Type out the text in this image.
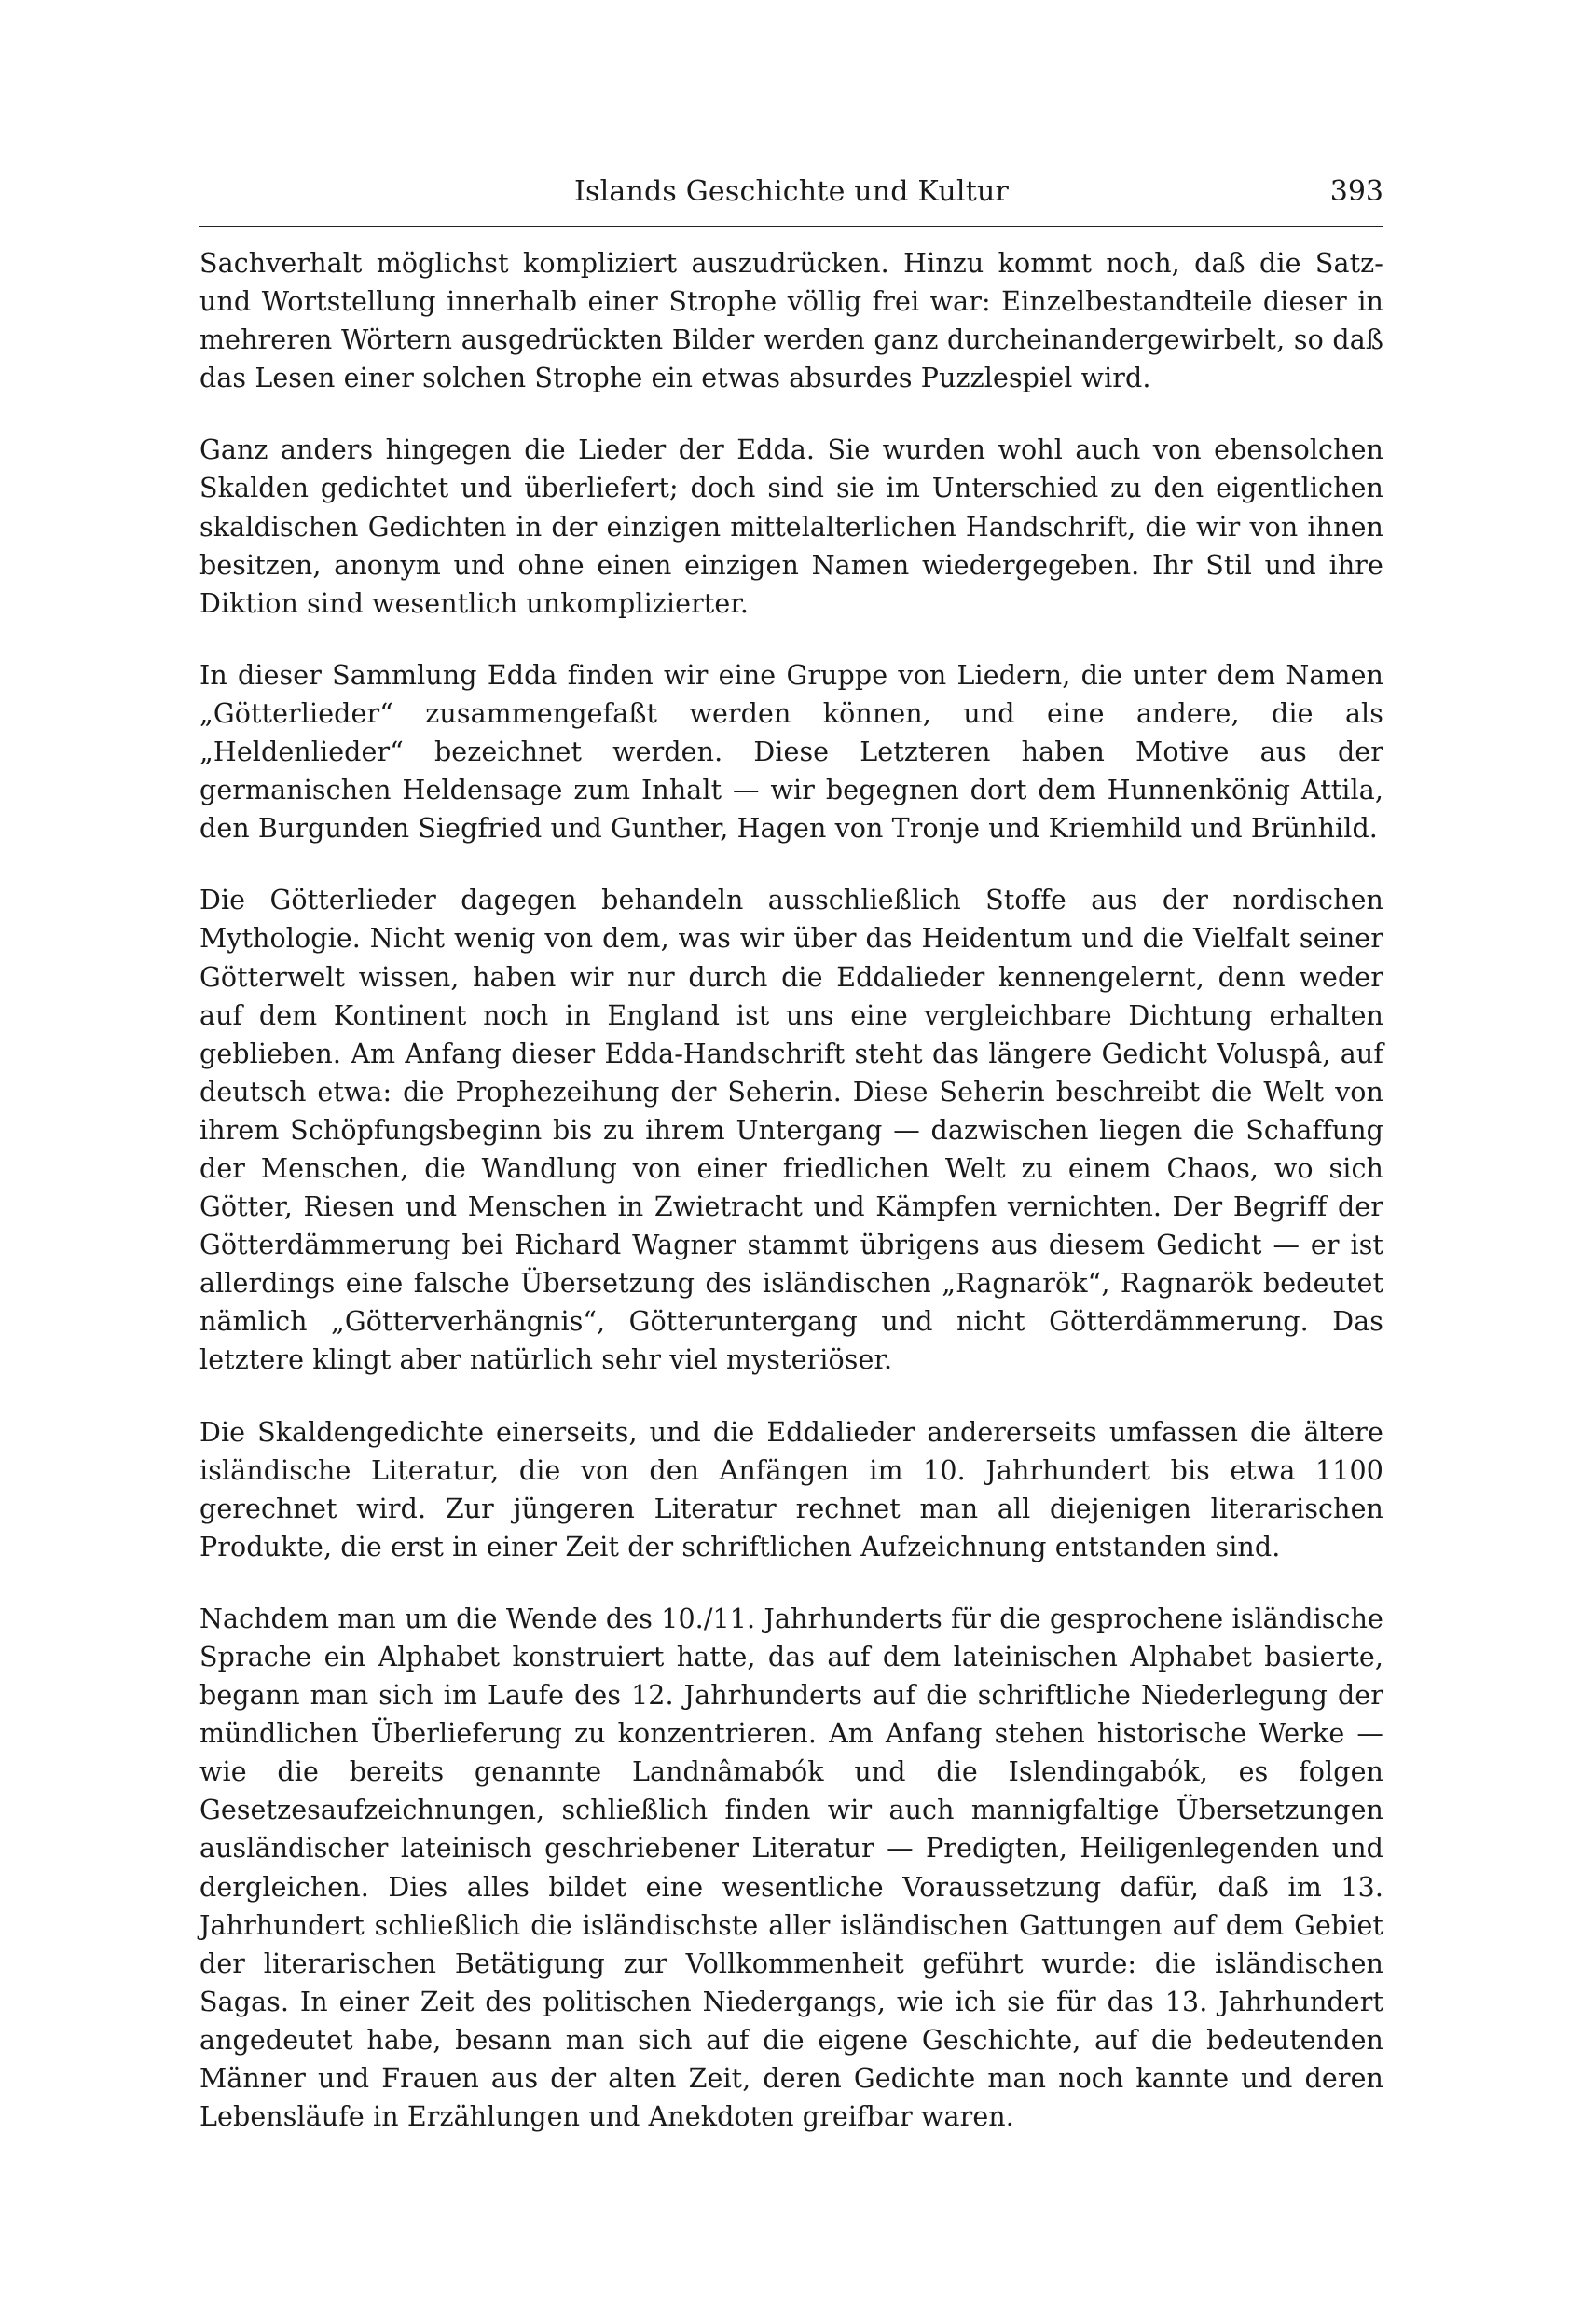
Islands Geschichte und Kultur	393

Sachverhalt möglichst kompliziert auszudrücken. Hinzu kommt noch, daß die Satz- und Wortstellung innerhalb einer Strophe völlig frei war: Einzelbestandteile dieser in mehreren Wörtern ausgedrückten Bilder werden ganz durcheinandergewirbelt, so daß das Lesen einer solchen Strophe ein etwas absurdes Puzzlespiel wird.

Ganz anders hingegen die Lieder der Edda. Sie wurden wohl auch von ebensolchen Skalden gedichtet und überliefert; doch sind sie im Unterschied zu den eigentlichen skaldischen Gedichten in der einzigen mittelalterlichen Handschrift, die wir von ihnen besitzen, anonym und ohne einen einzigen Namen wiedergegeben. Ihr Stil und ihre Diktion sind wesentlich unkomplizierter.

In dieser Sammlung Edda finden wir eine Gruppe von Liedern, die unter dem Namen „Götterlieder“ zusammengefaßt werden können, und eine andere, die als „Heldenlieder“ bezeichnet werden. Diese Letzteren haben Motive aus der germanischen Heldensage zum Inhalt — wir begegnen dort dem Hunnenkönig Attila, den Burgunden Siegfried und Gunther, Hagen von Tronje und Kriemhild und Brünhild.

Die Götterlieder dagegen behandeln ausschließlich Stoffe aus der nordischen Mythologie. Nicht wenig von dem, was wir über das Heidentum und die Vielfalt seiner Götterwelt wissen, haben wir nur durch die Eddalieder kennengelernt, denn weder auf dem Kontinent noch in England ist uns eine vergleichbare Dichtung erhalten geblieben. Am Anfang dieser Edda-Handschrift steht das längere Gedicht Voluspâ, auf deutsch etwa: die Prophezeihung der Seherin. Diese Seherin beschreibt die Welt von ihrem Schöpfungsbeginn bis zu ihrem Untergang — dazwischen liegen die Schaffung der Menschen, die Wandlung von einer friedlichen Welt zu einem Chaos, wo sich Götter, Riesen und Menschen in Zwietracht und Kämpfen vernichten. Der Begriff der Götterdämmerung bei Richard Wagner stammt übrigens aus diesem Gedicht — er ist allerdings eine falsche Übersetzung des isländischen „Ragnarök“, Ragnarök bedeutet nämlich „Götterverhängnis“, Götteruntergang und nicht Götterdämmerung. Das letztere klingt aber natürlich sehr viel mysteriöser.

Die Skaldengedichte einerseits, und die Eddalieder andererseits umfassen die ältere isländische Literatur, die von den Anfängen im 10. Jahrhundert bis etwa 1100 gerechnet wird. Zur jüngeren Literatur rechnet man all diejenigen literarischen Produkte, die erst in einer Zeit der schriftlichen Aufzeichnung entstanden sind.

Nachdem man um die Wende des 10./11. Jahrhunderts für die gesprochene isländische Sprache ein Alphabet konstruiert hatte, das auf dem lateinischen Alphabet basierte, begann man sich im Laufe des 12. Jahrhunderts auf die schriftliche Niederlegung der mündlichen Überlieferung zu konzentrieren. Am Anfang stehen historische Werke — wie die bereits genannte Landnâmabók und die Islendingabók, es folgen Gesetzesaufzeichnungen, schließlich finden wir auch mannigfaltige Übersetzungen ausländischer lateinisch geschriebener Literatur — Predigten, Heiligenlegenden und dergleichen. Dies alles bildet eine wesentliche Voraussetzung dafür, daß im 13. Jahrhundert schließlich die isländischste aller isländischen Gattungen auf dem Gebiet der literarischen Betätigung zur Vollkommenheit geführt wurde: die isländischen Sagas. In einer Zeit des politischen Niedergangs, wie ich sie für das 13. Jahrhundert angedeutet habe, besann man sich auf die eigene Geschichte, auf die bedeutenden Männer und Frauen aus der alten Zeit, deren Gedichte man noch kannte und deren Lebensläufe in Erzählungen und Anekdoten greifbar waren.
